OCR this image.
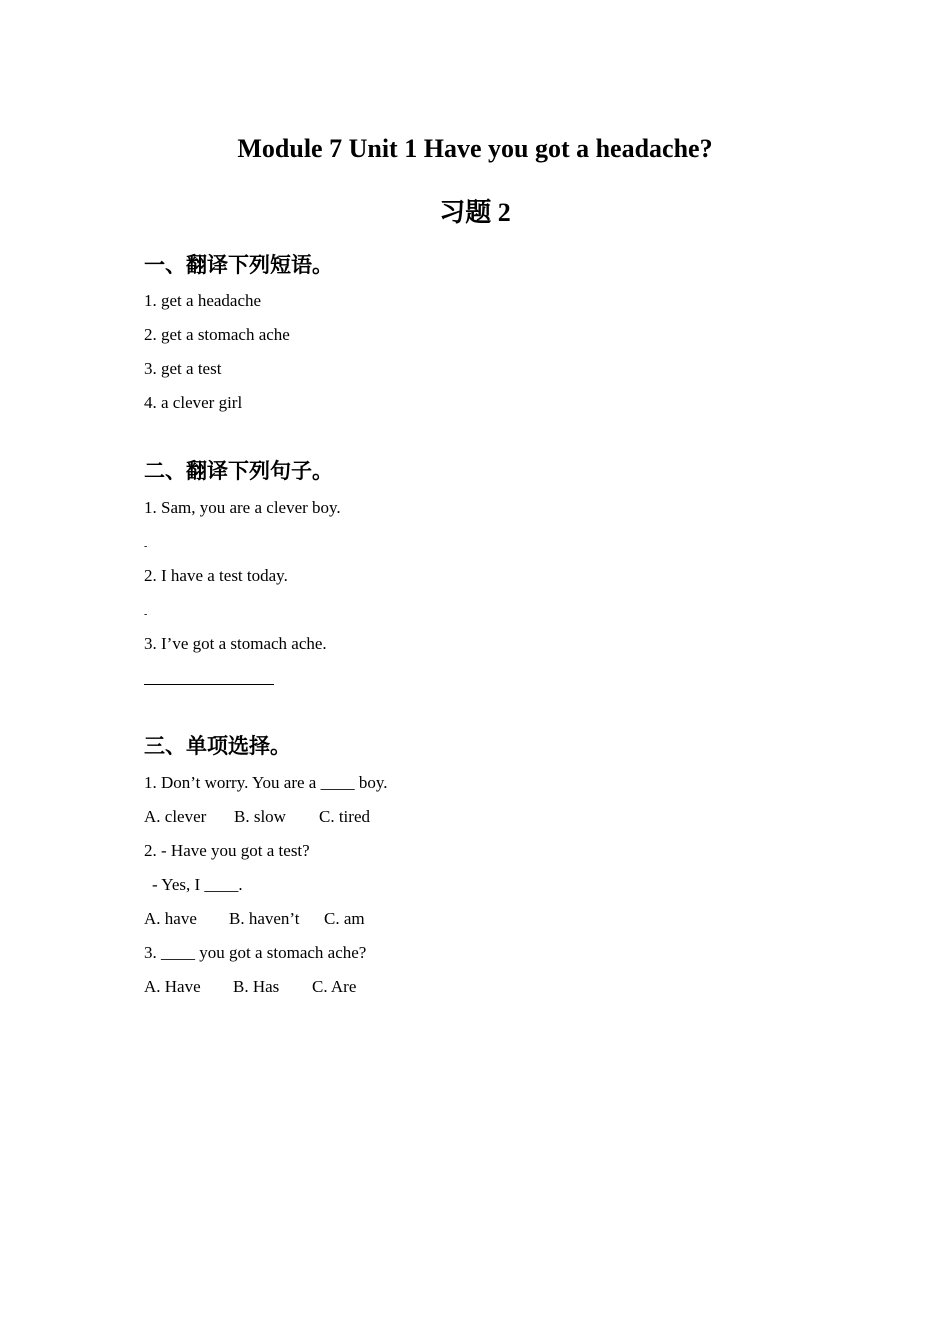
Module 7 Unit 1 Have you got a headache?
习题 2
一、翻译下列短语。
1. get a headache
2. get a stomach ache
3. get a test
4. a clever girl
二、翻译下列句子。
1. Sam, you are a clever boy.
-
2. I have a test today.
-
3. I’ve got a stomach ache.
三、单项选择。
1. Don’t worry. You are a ____ boy.
A. clever B. slow C. tired
2. - Have you got a test?
- Yes, I ____.
A. have B. haven’t C. am
3. ____ you got a stomach ache?
A. Have B. Has C. Are
